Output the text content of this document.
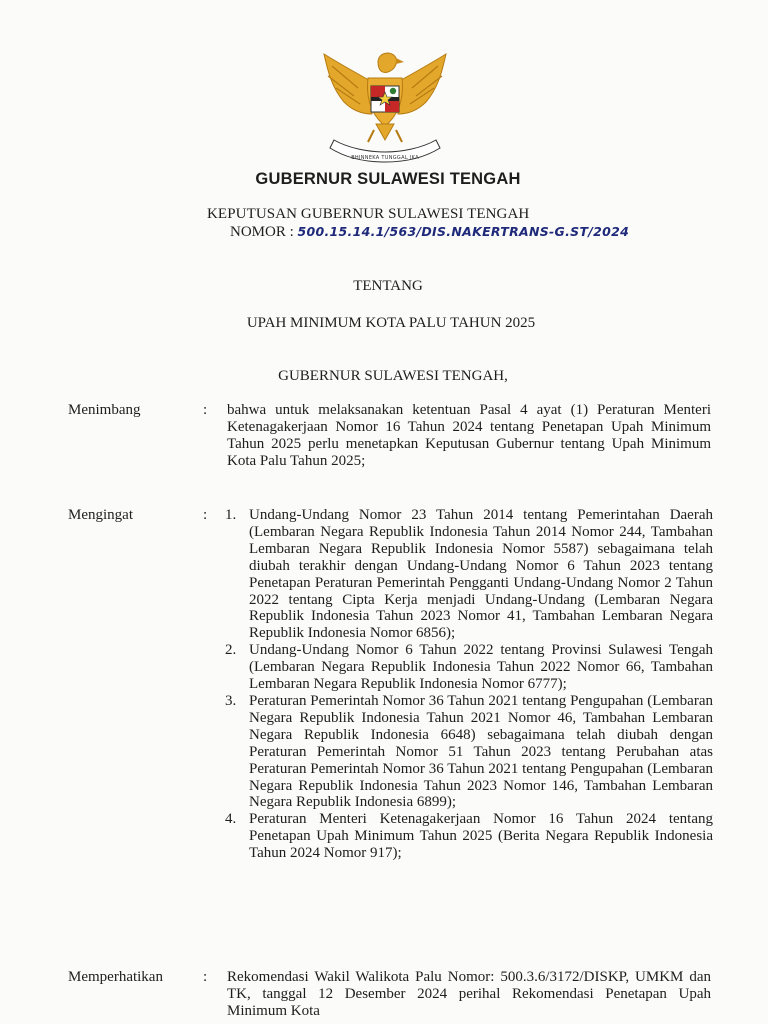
BHINNEKA TUNGGAL IKA
GUBERNUR SULAWESI TENGAH
KEPUTUSAN GUBERNUR SULAWESI TENGAH
NOMOR : 500.15.14.1/563/DIS.NAKERTRANS-G.ST/2024
TENTANG
UPAH MINIMUM KOTA PALU TAHUN 2025
GUBERNUR SULAWESI TENGAH,
Menimbang	: bahwa untuk melaksanakan ketentuan Pasal 4 ayat (1) Peraturan Menteri Ketenagakerjaan Nomor 16 Tahun 2024 tentang Penetapan Upah Minimum Tahun 2025 perlu menetapkan Keputusan Gubernur tentang Upah Minimum Kota Palu Tahun 2025;
Mengingat	: 1. Undang-Undang Nomor 23 Tahun 2014 tentang Pemerintahan Daerah (Lembaran Negara Republik Indonesia Tahun 2014 Nomor 244, Tambahan Lembaran Negara Republik Indonesia Nomor 5587) sebagaimana telah diubah terakhir dengan Undang-Undang Nomor 6 Tahun 2023 tentang Penetapan Peraturan Pemerintah Pengganti Undang-Undang Nomor 2 Tahun 2022 tentang Cipta Kerja menjadi Undang-Undang (Lembaran Negara Republik Indonesia Tahun 2023 Nomor 41, Tambahan Lembaran Negara Republik Indonesia Nomor 6856);
2. Undang-Undang Nomor 6 Tahun 2022 tentang Provinsi Sulawesi Tengah (Lembaran Negara Republik Indonesia Tahun 2022 Nomor 66, Tambahan Lembaran Negara Republik Indonesia Nomor 6777);
3. Peraturan Pemerintah Nomor 36 Tahun 2021 tentang Pengupahan (Lembaran Negara Republik Indonesia Tahun 2021 Nomor 46, Tambahan Lembaran Negara Republik Indonesia 6648) sebagaimana telah diubah dengan Peraturan Pemerintah Nomor 51 Tahun 2023 tentang Perubahan atas Peraturan Pemerintah Nomor 36 Tahun 2021 tentang Pengupahan (Lembaran Negara Republik Indonesia Tahun 2023 Nomor 146, Tambahan Lembaran Negara Republik Indonesia 6899);
4. Peraturan Menteri Ketenagakerjaan Nomor 16 Tahun 2024 tentang Penetapan Upah Minimum Tahun 2025 (Berita Negara Republik Indonesia Tahun 2024 Nomor 917);
Memperhatikan	: Rekomendasi Wakil Walikota Palu Nomor: 500.3.6/3172/DISKP, UMKM dan TK, tanggal 12 Desember 2024 perihal Rekomendasi Penetapan Upah Minimum Kota
